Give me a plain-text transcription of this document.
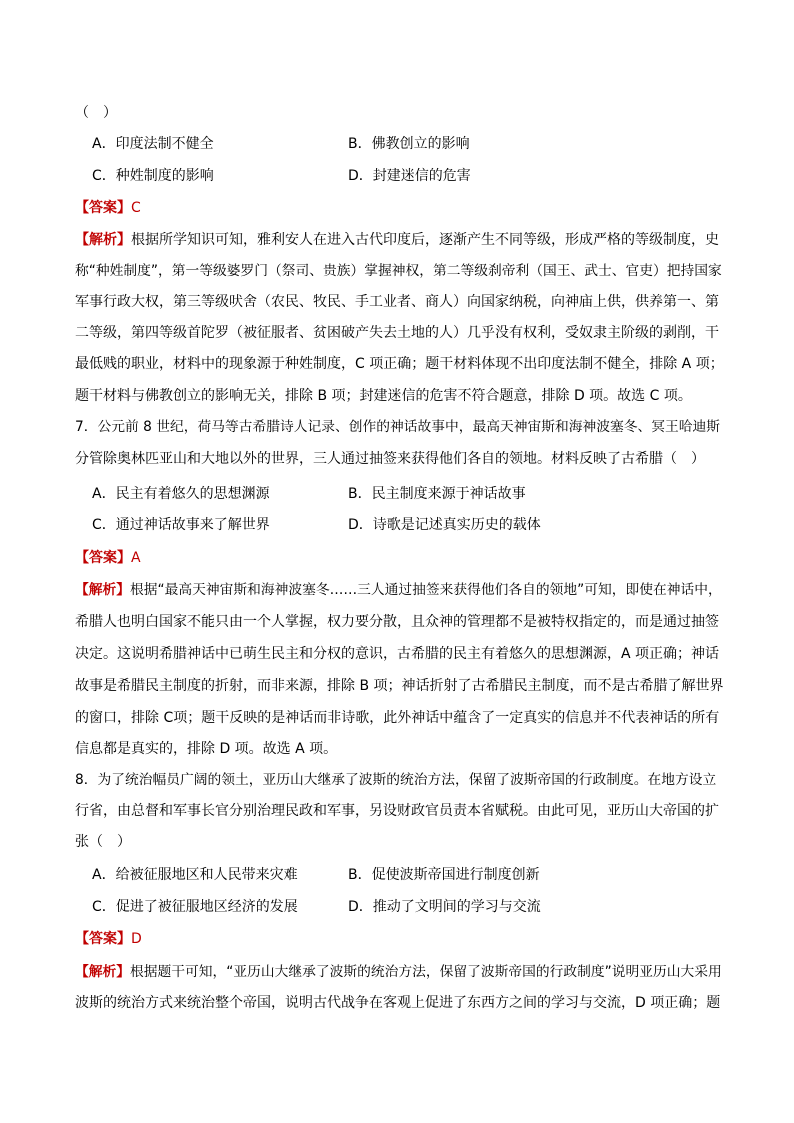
（　）
A．印度法制不健全	B．佛教创立的影响
C．种姓制度的影响	D．封建迷信的危害
【答案】C
【解析】根据所学知识可知，雅利安人在进入古代印度后，逐渐产生不同等级，形成严格的等级制度，史
称“种姓制度”，第一等级婆罗门（祭司、贵族）掌握神权，第二等级刹帝利（国王、武士、官吏）把持国家
军事行政大权，第三等级吠舍（农民、牧民、手工业者、商人）向国家纳税，向神庙上供，供养第一、第
二等级，第四等级首陀罗（被征服者、贫困破产失去土地的人）几乎没有权利，受奴隶主阶级的剥削，干
最低贱的职业，材料中的现象源于种姓制度，C 项正确；题干材料体现不出印度法制不健全，排除 A 项；
题干材料与佛教创立的影响无关，排除 B 项；封建迷信的危害不符合题意，排除 D 项。故选 C 项。
7．公元前 8 世纪，荷马等古希腊诗人记录、创作的神话故事中，最高天神宙斯和海神波塞冬、冥王哈迪斯
分管除奥林匹亚山和大地以外的世界，三人通过抽签来获得他们各自的领地。材料反映了古希腊（　）
A．民主有着悠久的思想渊源	B．民主制度来源于神话故事
C．通过神话故事来了解世界	D．诗歌是记述真实历史的载体
【答案】A
【解析】根据“最高天神宙斯和海神波塞冬……三人通过抽签来获得他们各自的领地”可知，即使在神话中，
希腊人也明白国家不能只由一个人掌握，权力要分散，且众神的管理都不是被特权指定的，而是通过抽签
决定。这说明希腊神话中已萌生民主和分权的意识，古希腊的民主有着悠久的思想渊源，A 项正确；神话
故事是希腊民主制度的折射，而非来源，排除 B 项；神话折射了古希腊民主制度，而不是古希腊了解世界
的窗口，排除 C项；题干反映的是神话而非诗歌，此外神话中蕴含了一定真实的信息并不代表神话的所有
信息都是真实的，排除 D 项。故选 A 项。
8．为了统治幅员广阔的领土，亚历山大继承了波斯的统治方法，保留了波斯帝国的行政制度。在地方设立
行省，由总督和军事长官分别治理民政和军事，另设财政官员责本省赋税。由此可见，亚历山大帝国的扩
张（　）
A．给被征服地区和人民带来灾难	B．促使波斯帝国进行制度创新
C．促进了被征服地区经济的发展	D．推动了文明间的学习与交流
【答案】D
【解析】根据题干可知，“亚历山大继承了波斯的统治方法，保留了波斯帝国的行政制度”说明亚历山大采用
波斯的统治方式来统治整个帝国，说明古代战争在客观上促进了东西方之间的学习与交流，D 项正确；题
